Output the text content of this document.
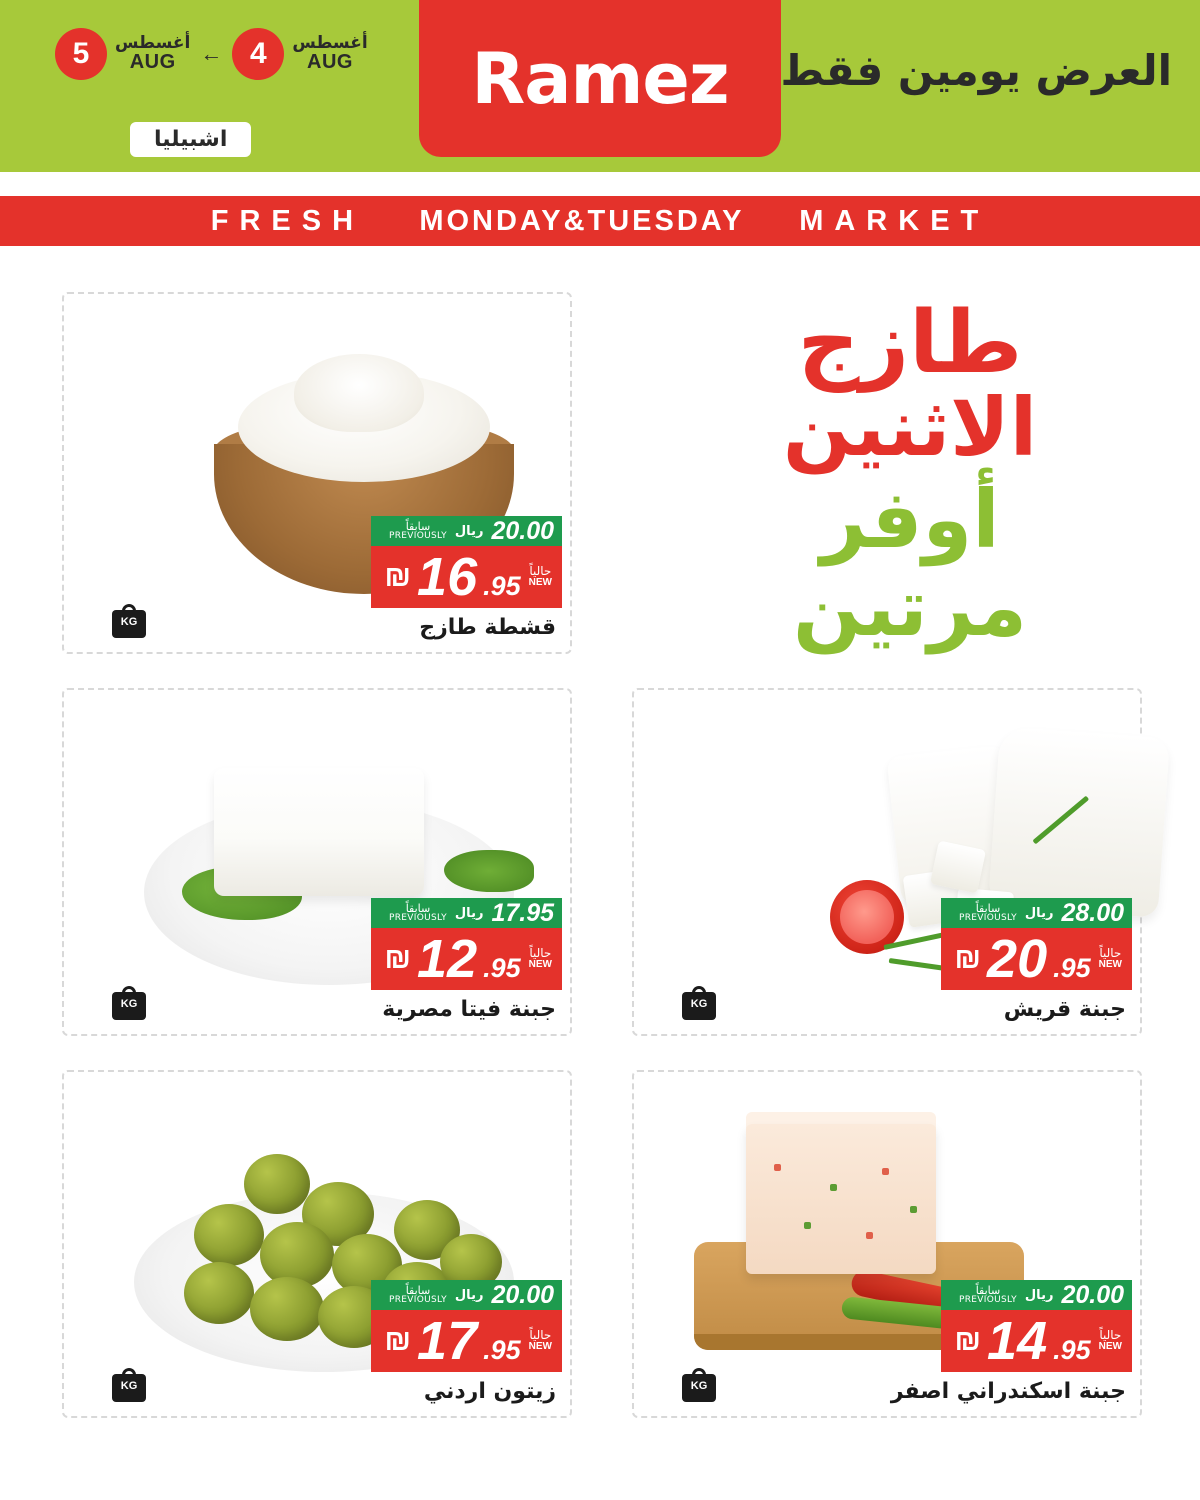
5	أغسطس
AUG	← 4	أغسطس
AUG
اشبيليا
Ramez العرض يومين فقط
FRESH MONDAY&TUESDAY MARKET
طازج
الاثنين
أوفر مرتين
KG
سابقاً
PREVIOUSLY ريال 20.00
₪ 16 .95 حالياً
NEW
قشطة طازج
KG
سابقاً
PREVIOUSLY ريال 17.95
₪ 12 .95 حالياً
NEW
جبنة فيتا مصرية	KG
سابقاً
PREVIOUSLY ريال 28.00
₪ 20 .95 حالياً
NEW
جبنة قريش
KG
سابقاً
PREVIOUSLY ريال 20.00
₪ 17 .95 حالياً
NEW
زيتون اردني	KG
سابقاً
PREVIOUSLY ريال 20.00
₪ 14 .95 حالياً
NEW
جبنة اسكندراني اصفر
